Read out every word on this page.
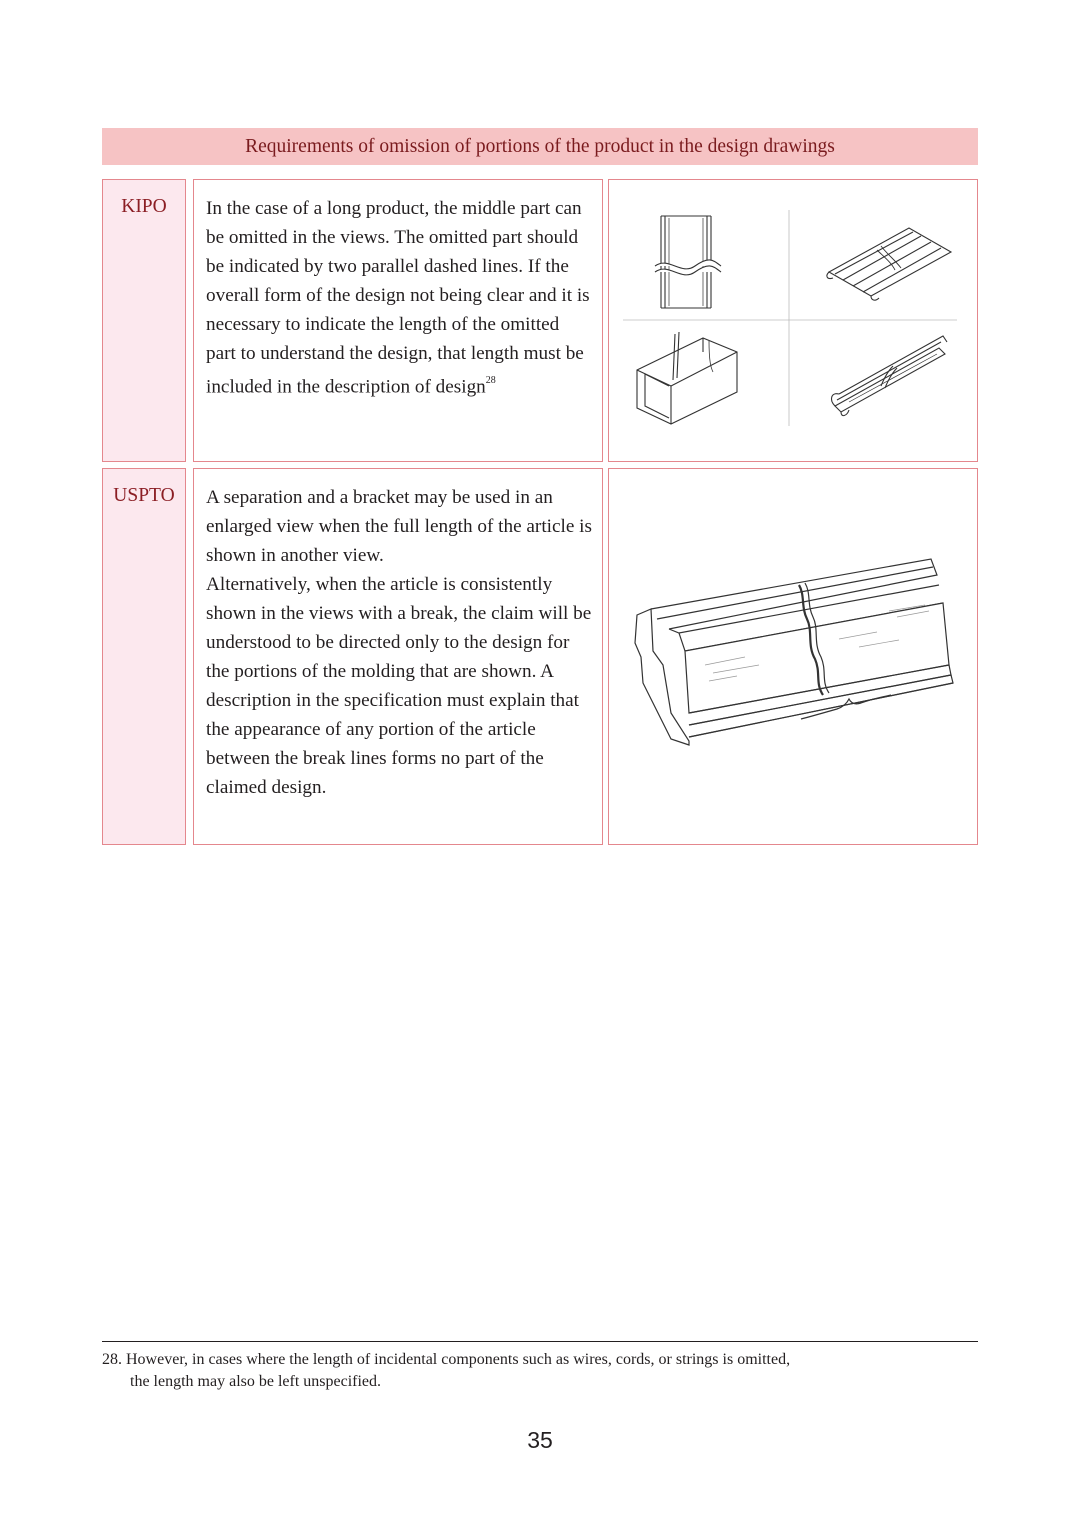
Requirements of omission of portions of the product in the design drawings
KIPO	In the case of a long product, the middle part can be omitted in the views. The omitted part should be indicated by two parallel dashed lines. If the overall form of the design not being clear and it is necessary to indicate the length of the omitted part to understand the design, that length must be included in the description of design$^{28}$

USPTO	A separation and a bracket may be used in an enlarged view when the full length of the article is shown in another view.

Alternatively, when the article is consistently shown in the views with a break, the claim will be understood to be directed only to the design for the portions of the molding that are shown. A description in the specification must explain that the appearance of any portion of the article between the break lines forms no part of the claimed design.

28. However, in cases where the length of incidental components such as wires, cords, or strings is omitted,
the length may also be left unspecified.
35
